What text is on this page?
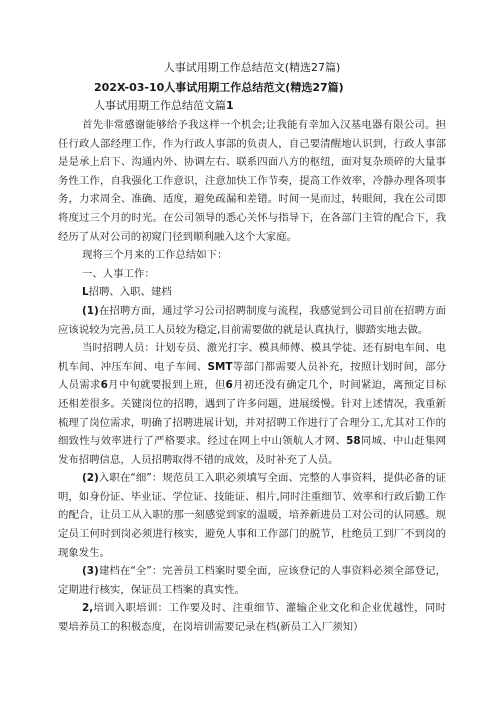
人事试用期工作总结范文(精选27篇)
202X-03-10人事试用期工作总结范文(精选27篇)
人事试用期工作总结范文篇1

首先非常感谢能够给予我这样一个机会;让我能有幸加入汉基电器有限公司。担任行政人部经理工作，作为行政人事部的负责人，自己要清醒地认识到，行政人事部是是承上启下、沟通内外、协调左右、联系四面八方的枢纽，面对复杂琐碎的大量事务性工作，自我强化工作意识，注意加快工作节奏，提高工作效率，冷静办理各项事务，力求周全、准确、适度，避免疏漏和差错。时间一晃而过，转眼间，我在公司即将度过三个月的时光。在公司领导的悉心关怀与指导下，在各部门主管的配合下，我经历了从对公司的初窥门径到顺利融入这个大家庭。

现将三个月来的工作总结如下：

一、人事工作：

L招聘、入职、建档

(1)在招聘方面，通过学习公司招聘制度与流程，我感觉到公司目前在招聘方面应该说较为完善,员工人员较为稳定,目前需要做的就是认真执行，脚踏实地去做。

当时招聘人员：计划专员、激光打字、模具师傅、模具学徒、还有厨电车间、电机车间、冲压车间、电子车间、SMT等部门都需要人员补充，按照计划时间，部分人员需求6月中旬就要报到上班，但6月初还没有确定几个，时间紧迫，离预定目标还相差很多。关键岗位的招聘，遇到了许多问题，进展缓慢。针对上述情况，我重新梳理了岗位需求，明确了招聘进展计划，并对招聘工作进行了合理分工,尤其对工作的细致性与效率进行了严格要求。经过在网上中山领航人才网、58同城、中山赶集网发布招聘信息，人员招聘取得不错的成效，及时补充了人员。

(2)入职在“细”：规范员工入职必须填写全面、完整的人事资料，提供必备的证明，如身份证、毕业证、学位证、技能证、相片,同时注重细节、效率和行政后勤工作的配合，让员工从入职的那一刻感觉到家的温暖，培养新进员工对公司的认同感。规定员工何时到岗必须进行核实，避免人事和工作部门的脱节，杜绝员工到厂不到岗的现象发生。

(3)建档在“全”：完善员工档案时要全面，应该登记的人事资料必须全部登记，定期进行核实，保证员工档案的真实性。

2,培训入职培训：工作要及时、注重细节、灌输企业文化和企业优越性，同时要培养员工的积极态度，在岗培训需要记录在档(新员工入厂须知）
